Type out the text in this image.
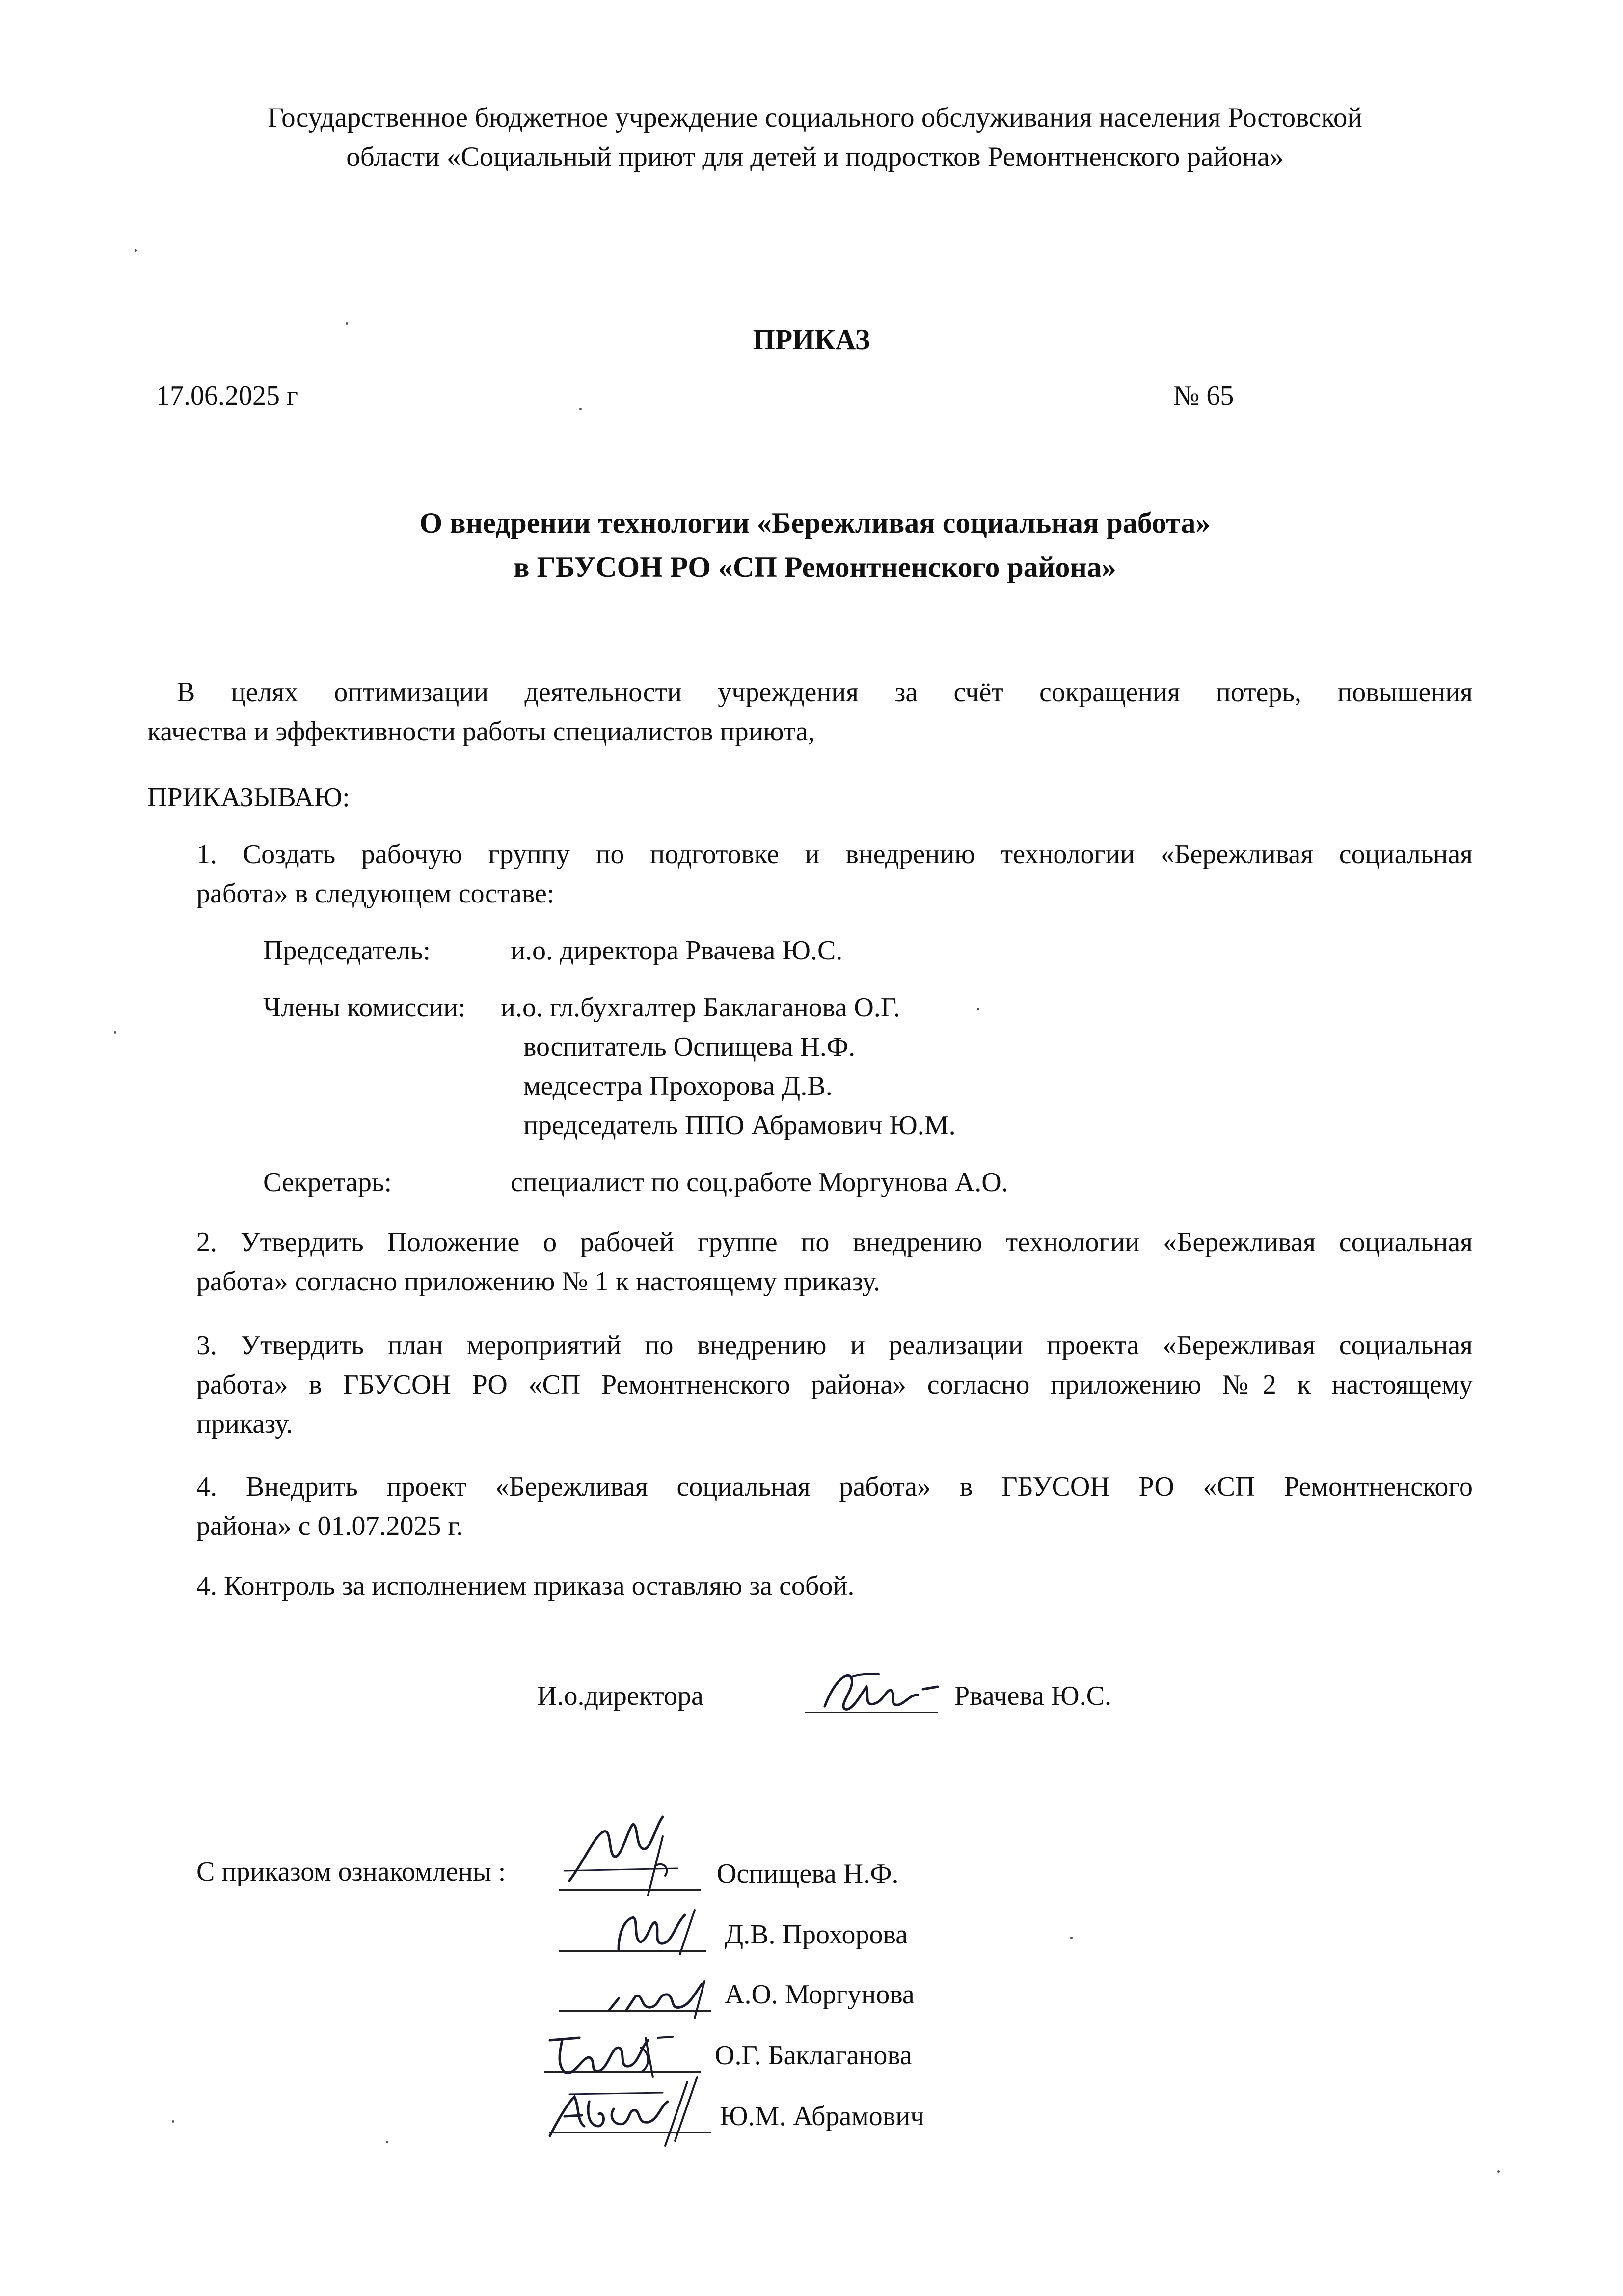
Государственное бюджетное учреждение социального обслуживания населения Ростовской
области «Социальный приют для детей и подростков Ремонтненского района»
ПРИКАЗ
17.06.2025 г	№ 65
О внедрении технологии «Бережливая социальная работа»
в ГБУСОН РО «СП Ремонтненского района»
В целях оптимизации деятельности учреждения за счёт сокращения потерь, повышения
качества и эффективности работы специалистов приюта,
ПРИКАЗЫВАЮ:
1. Создать рабочую группу по подготовке и внедрению технологии «Бережливая социальная
работа» в следующем составе:
Председатель:	и.о. директора Рвачева Ю.С.
Члены комиссии: и.о. гл.бухгалтер Баклаганова О.Г.
воспитатель Оспищева Н.Ф.
медсестра Прохорова Д.В.
председатель ППО Абрамович Ю.М.
Секретарь:	специалист по соц.работе Моргунова А.О.
2. Утвердить Положение о рабочей группе по внедрению технологии «Бережливая социальная
работа» согласно приложению № 1 к настоящему приказу.
3. Утвердить план мероприятий по внедрению и реализации проекта «Бережливая социальная
работа» в ГБУСОН РО «СП Ремонтненского района» согласно приложению №2 к настоящему
приказу.
4. Внедрить проект «Бережливая социальная работа» в ГБУСОН РО «СП Ремонтненского
района» с 01.07.2025 г.
4. Контроль за исполнением приказа оставляю за собой.
И.о.директора	Рвачева Ю.С.
С приказом ознакомлены :	Оспищева Н.Ф.
Д.В. Прохорова
А.О. Моргунова
О.Г. Баклаганова
Ю.М. Абрамович
